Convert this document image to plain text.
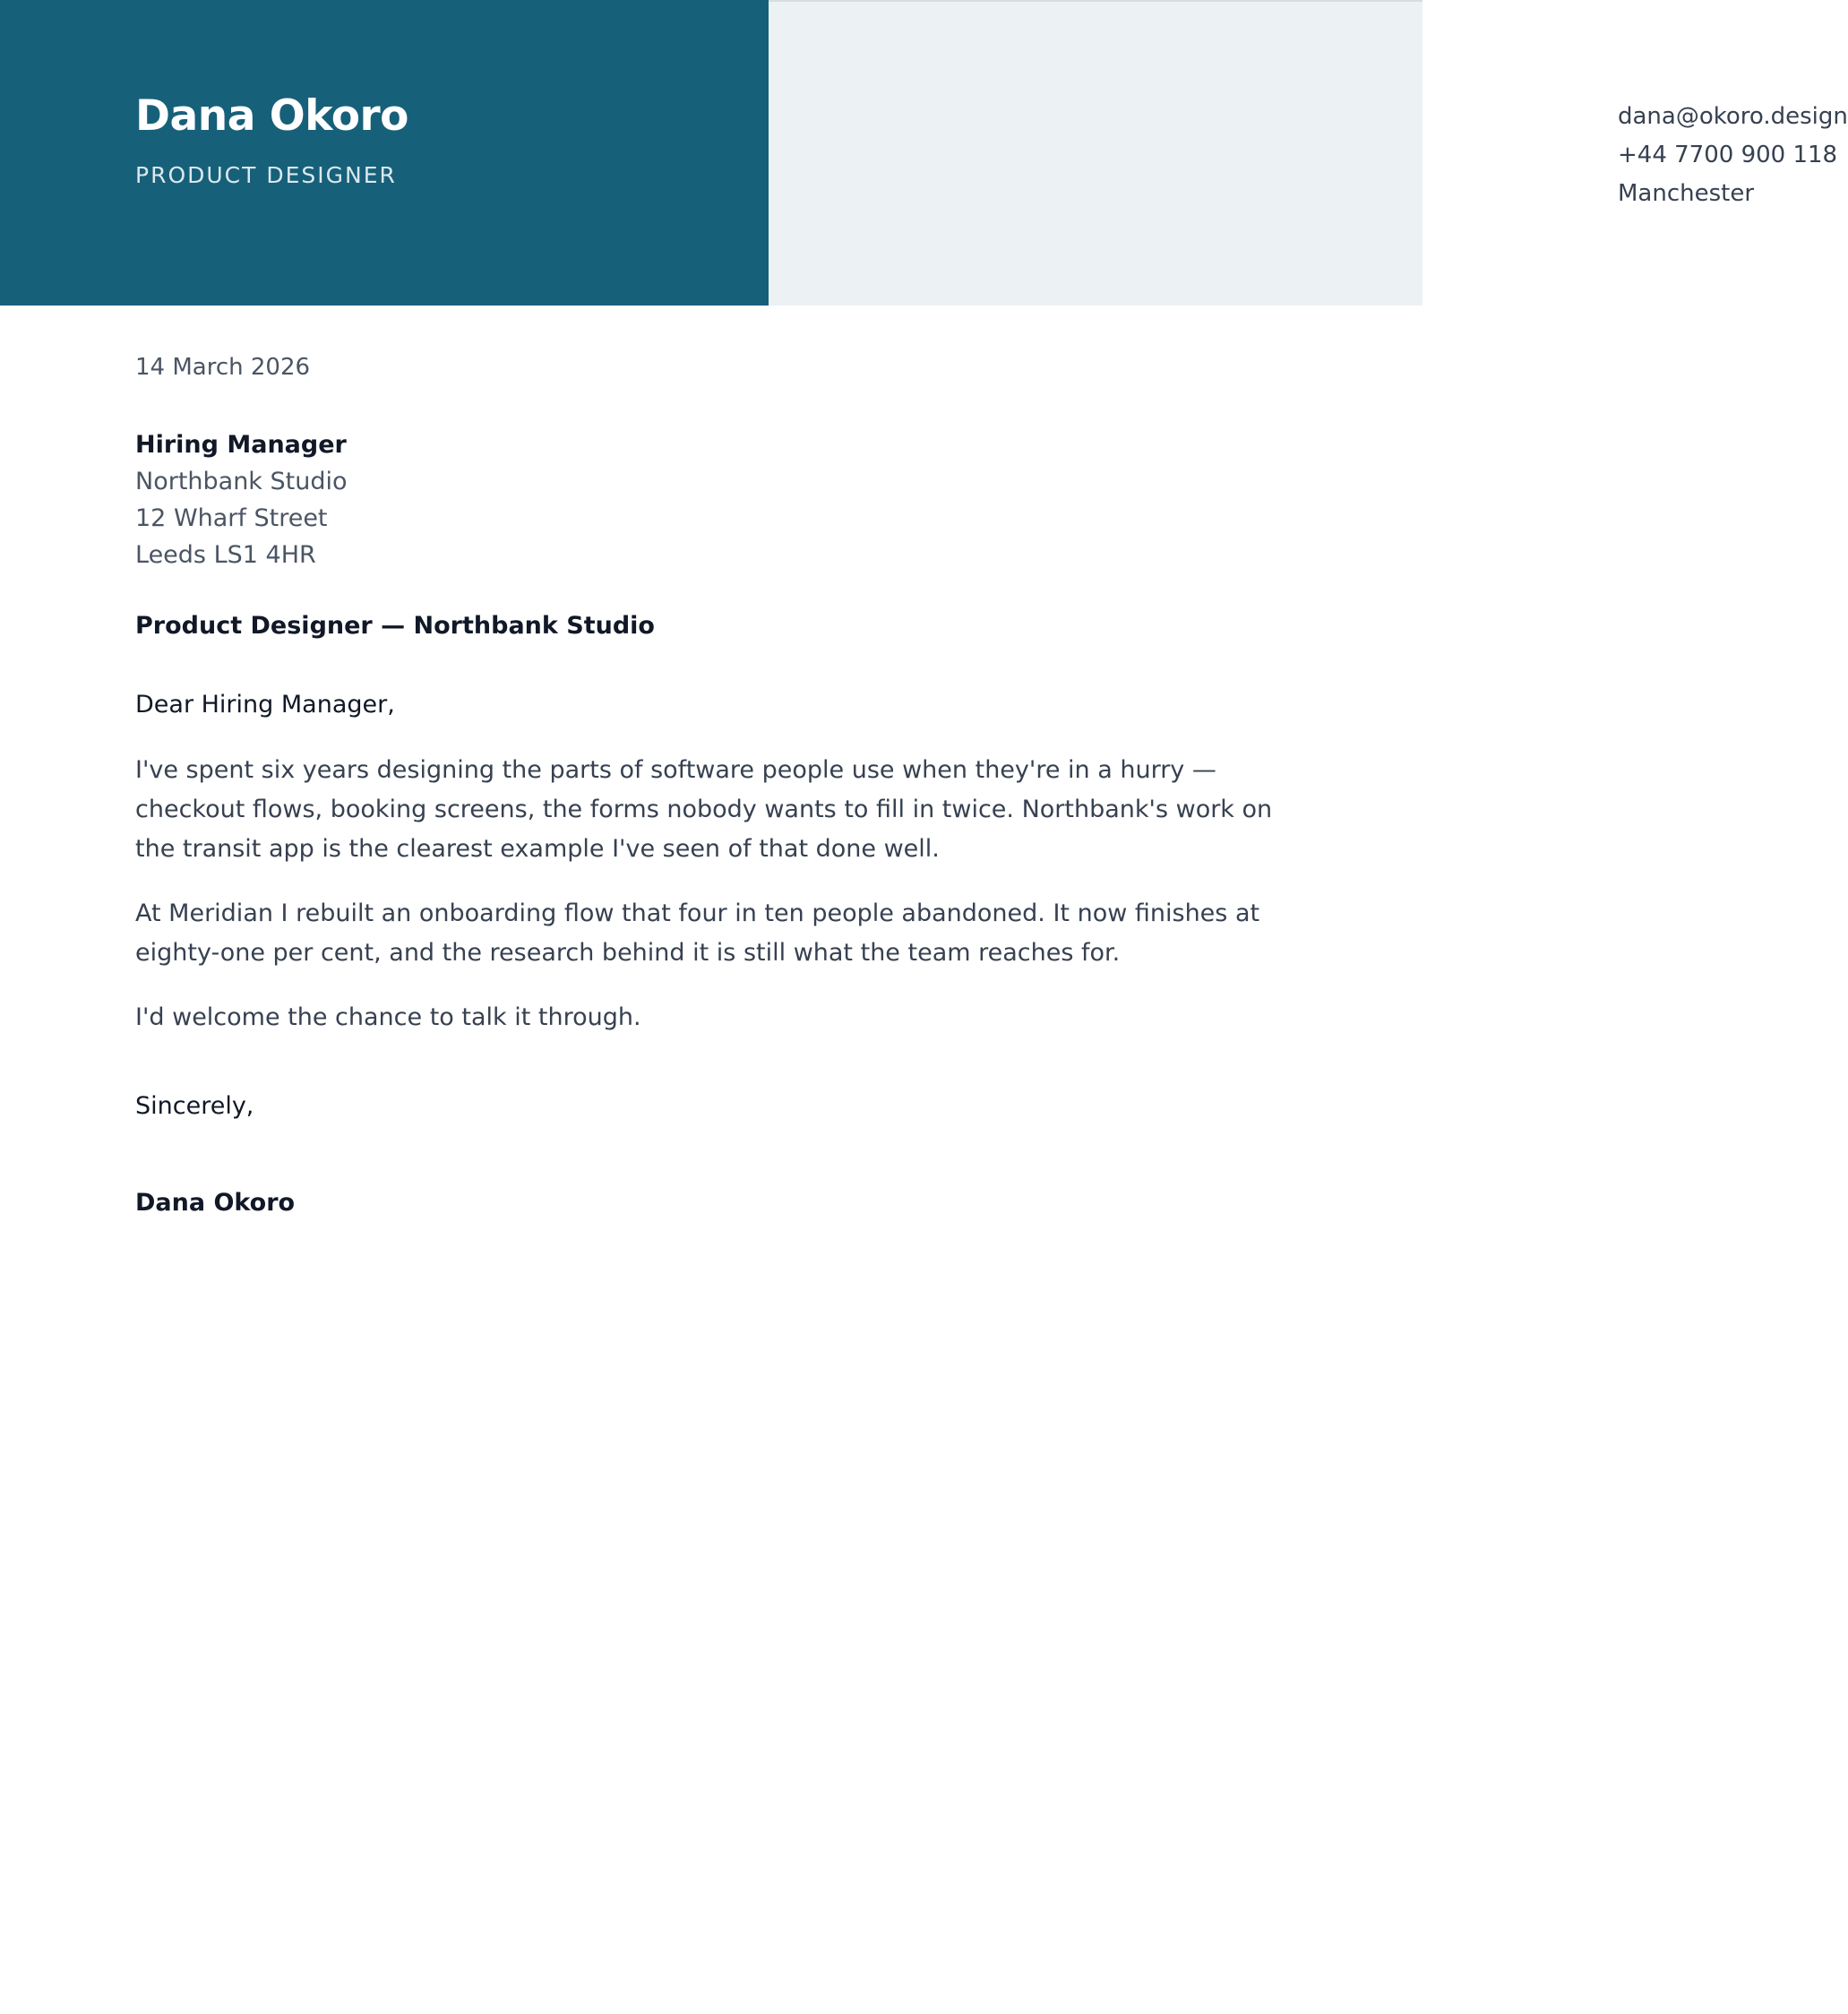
Dana Okoro

PRODUCT DESIGNER

dana@okoro.design
+44 7700 900 118
Manchester

14 March 2026

Hiring Manager

Northbank Studio

12 Wharf Street

Leeds LS1 4HR

Product Designer — Northbank Studio

Dear Hiring Manager,

I've spent six years designing the parts of software people use when they're in a hurry — checkout flows, booking screens, the forms nobody wants to fill in twice. Northbank's work on the transit app is the clearest example I've seen of that done well.

At Meridian I rebuilt an onboarding flow that four in ten people abandoned. It now finishes at eighty-one per cent, and the research behind it is still what the team reaches for.

I'd welcome the chance to talk it through.

Sincerely,

Dana Okoro
